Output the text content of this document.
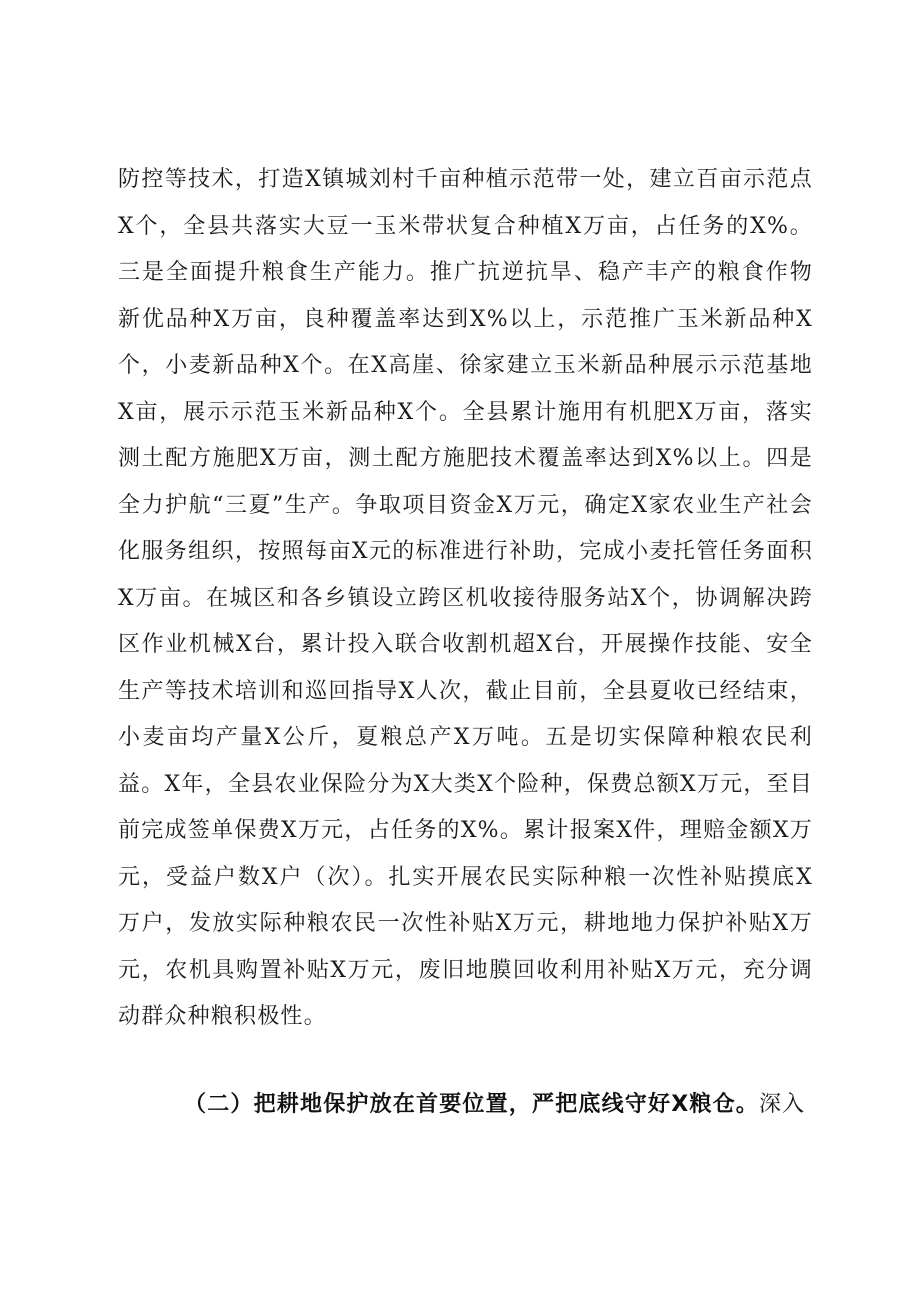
防控等技术，打造X镇城刘村千亩种植示范带一处，建立百亩示范点X个，全县共落实大豆一玉米带状复合种植X万亩，占任务的X%。三是全面提升粮食生产能力。推广抗逆抗旱、稳产丰产的粮食作物新优品种X万亩，良种覆盖率达到X%以上，示范推广玉米新品种X个，小麦新品种X个。在X高崖、徐家建立玉米新品种展示示范基地X亩，展示示范玉米新品种X个。全县累计施用有机肥X万亩，落实测土配方施肥X万亩，测土配方施肥技术覆盖率达到X%以上。四是全力护航“三夏”生产。争取项目资金X万元，确定X家农业生产社会化服务组织，按照每亩X元的标准进行补助，完成小麦托管任务面积X万亩。在城区和各乡镇设立跨区机收接待服务站X个，协调解决跨区作业机械X台，累计投入联合收割机超X台，开展操作技能、安全生产等技术培训和巡回指导X人次，截止目前，全县夏收已经结束，小麦亩均产量X公斤，夏粮总产X万吨。五是切实保障种粮农民利益。X年，全县农业保险分为X大类X个险种，保费总额X万元，至目前完成签单保费X万元，占任务的X%。累计报案X件，理赔金额X万元，受益户数X户（次）。扎实开展农民实际种粮一次性补贴摸底X万户，发放实际种粮农民一次性补贴X万元，耕地地力保护补贴X万元，农机具购置补贴X万元，废旧地膜回收利用补贴X万元，充分调动群众种粮积极性。

（二）把耕地保护放在首要位置，严把底线守好X粮仓。深入
